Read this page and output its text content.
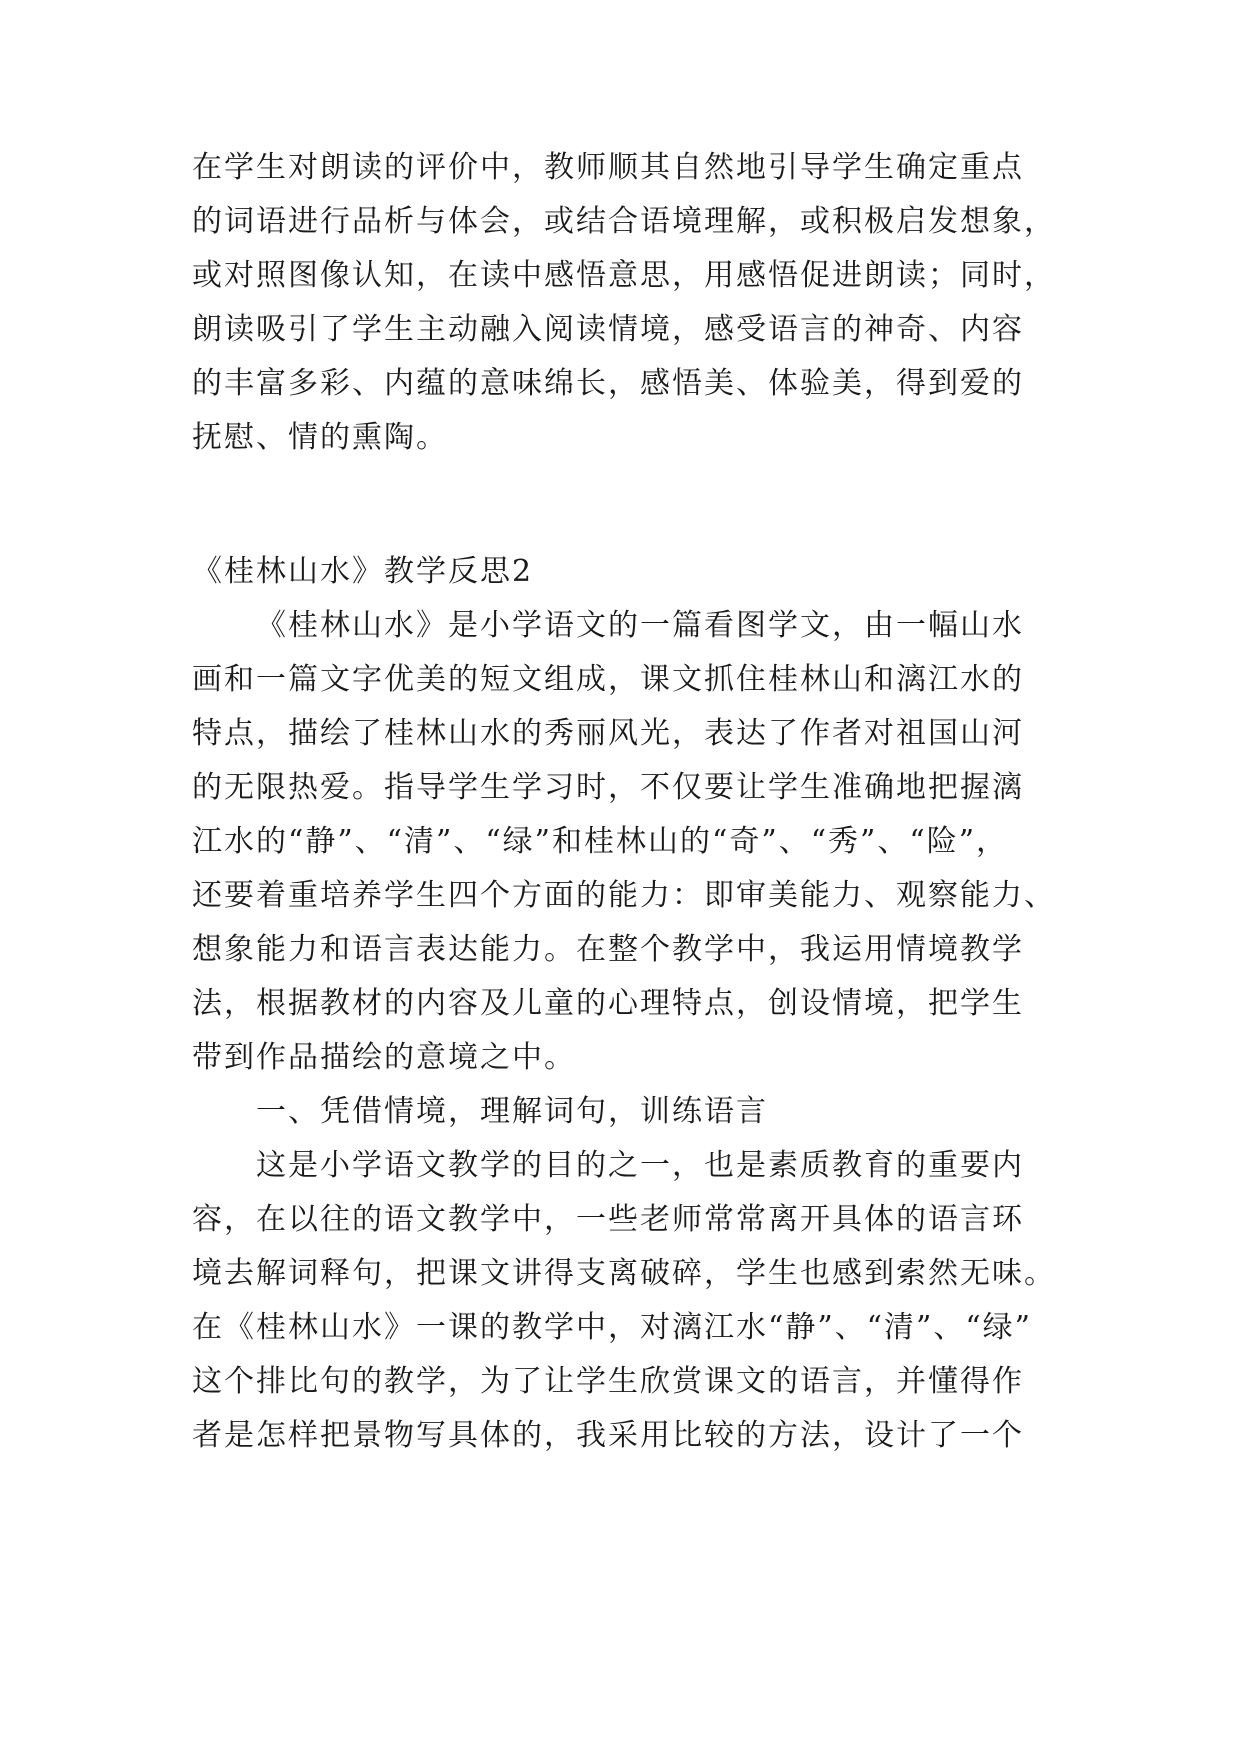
在学生对朗读的评价中，教师顺其自然地引导学生确定重点
的词语进行品析与体会，或结合语境理解，或积极启发想象，
或对照图像认知，在读中感悟意思，用感悟促进朗读；同时，
朗读吸引了学生主动融入阅读情境，感受语言的神奇、内容
的丰富多彩、内蕴的意味绵长，感悟美、体验美，得到爱的
抚慰、情的熏陶。
《桂林山水》教学反思2
《桂林山水》是小学语文的一篇看图学文，由一幅山水
画和一篇文字优美的短文组成，课文抓住桂林山和漓江水的
特点，描绘了桂林山水的秀丽风光，表达了作者对祖国山河
的无限热爱。指导学生学习时，不仅要让学生准确地把握漓
江水的“静”、“清”、“绿”和桂林山的“奇”、“秀”、“险”，
还要着重培养学生四个方面的能力：即审美能力、观察能力、
想象能力和语言表达能力。在整个教学中，我运用情境教学
法，根据教材的内容及儿童的心理特点，创设情境，把学生
带到作品描绘的意境之中。
一、凭借情境，理解词句，训练语言
这是小学语文教学的目的之一，也是素质教育的重要内
容，在以往的语文教学中，一些老师常常离开具体的语言环
境去解词释句，把课文讲得支离破碎，学生也感到索然无味。
在《桂林山水》一课的教学中，对漓江水“静”、“清”、“绿”
这个排比句的教学，为了让学生欣赏课文的语言，并懂得作
者是怎样把景物写具体的，我采用比较的方法，设计了一个
